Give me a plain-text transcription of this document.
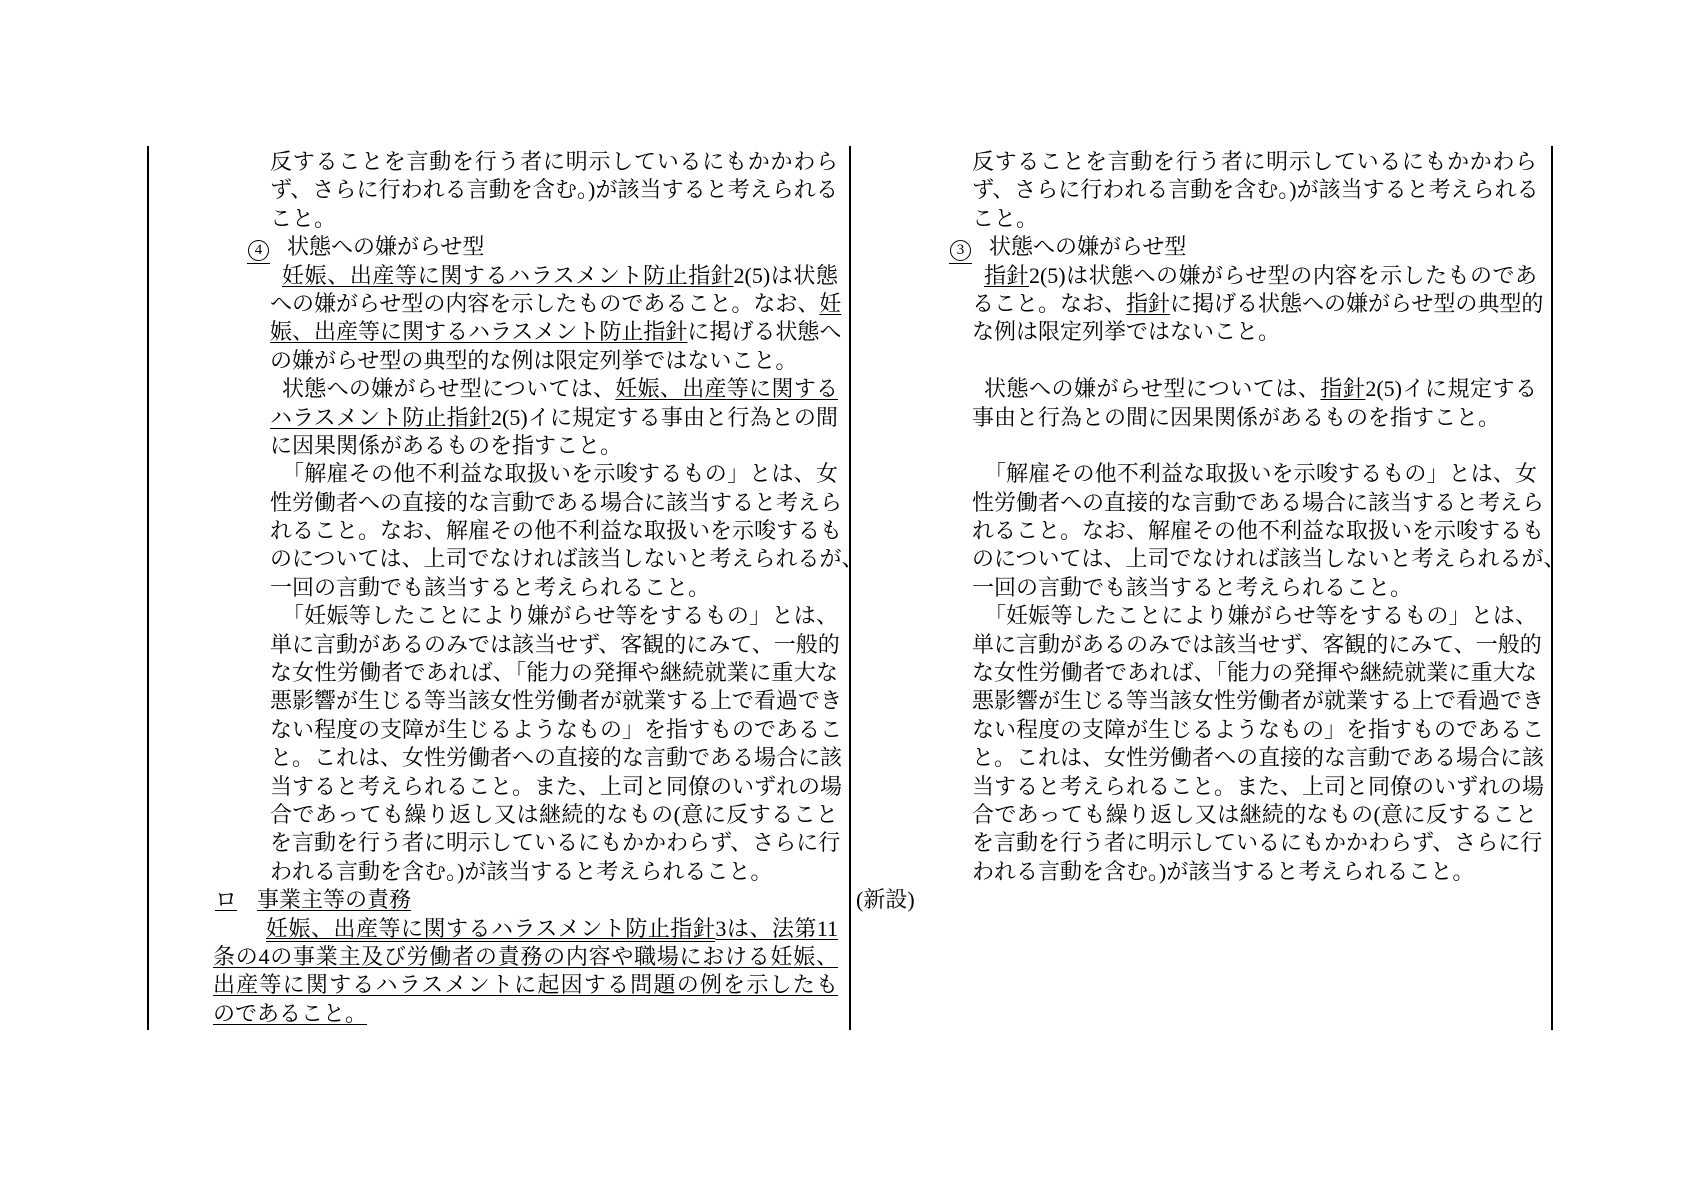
反することを言動を行う者に明示しているにもかかわら
ず、さらに行われる言動を含む。)が該当すると考えられる
こと。
4 状態への嫌がらせ型
妊娠、出産等に関するハラスメント防止指針2(5)は状態
への嫌がらせ型の内容を示したものであること。なお、妊
娠、出産等に関するハラスメント防止指針に掲げる状態へ
の嫌がらせ型の典型的な例は限定列挙ではないこと。
状態への嫌がらせ型については、妊娠、出産等に関する
ハラスメント防止指針2(5)イに規定する事由と行為との間
に因果関係があるものを指すこと。
「解雇その他不利益な取扱いを示唆するもの」とは、女
性労働者への直接的な言動である場合に該当すると考えら
れること。なお、解雇その他不利益な取扱いを示唆するも
のについては、上司でなければ該当しないと考えられるが、
一回の言動でも該当すると考えられること。
「妊娠等したことにより嫌がらせ等をするもの」とは、
単に言動があるのみでは該当せず、客観的にみて、一般的
な女性労働者であれば、「能力の発揮や継続就業に重大な
悪影響が生じる等当該女性労働者が就業する上で看過でき
ない程度の支障が生じるようなもの」を指すものであるこ
と。これは、女性労働者への直接的な言動である場合に該
当すると考えられること。また、上司と同僚のいずれの場
合であっても繰り返し又は継続的なもの(意に反すること
を言動を行う者に明示しているにもかかわらず、さらに行
われる言動を含む。)が該当すると考えられること。
ロ 事業主等の責務
妊娠、出産等に関するハラスメント防止指針3は、法第11
条の4の事業主及び労働者の責務の内容や職場における妊娠、
出産等に関するハラスメントに起因する問題の例を示したも
のであること。
反することを言動を行う者に明示しているにもかかわら
ず、さらに行われる言動を含む。)が該当すると考えられる
こと。
3 状態への嫌がらせ型
指針2(5)は状態への嫌がらせ型の内容を示したものであ
ること。なお、指針に掲げる状態への嫌がらせ型の典型的
な例は限定列挙ではないこと。
状態への嫌がらせ型については、指針2(5)イに規定する
事由と行為との間に因果関係があるものを指すこと。
「解雇その他不利益な取扱いを示唆するもの」とは、女
性労働者への直接的な言動である場合に該当すると考えら
れること。なお、解雇その他不利益な取扱いを示唆するも
のについては、上司でなければ該当しないと考えられるが、
一回の言動でも該当すると考えられること。
「妊娠等したことにより嫌がらせ等をするもの」とは、
単に言動があるのみでは該当せず、客観的にみて、一般的
な女性労働者であれば、「能力の発揮や継続就業に重大な
悪影響が生じる等当該女性労働者が就業する上で看過でき
ない程度の支障が生じるようなもの」を指すものであるこ
と。これは、女性労働者への直接的な言動である場合に該
当すると考えられること。また、上司と同僚のいずれの場
合であっても繰り返し又は継続的なもの(意に反すること
を言動を行う者に明示しているにもかかわらず、さらに行
われる言動を含む。)が該当すると考えられること。
(新設)
